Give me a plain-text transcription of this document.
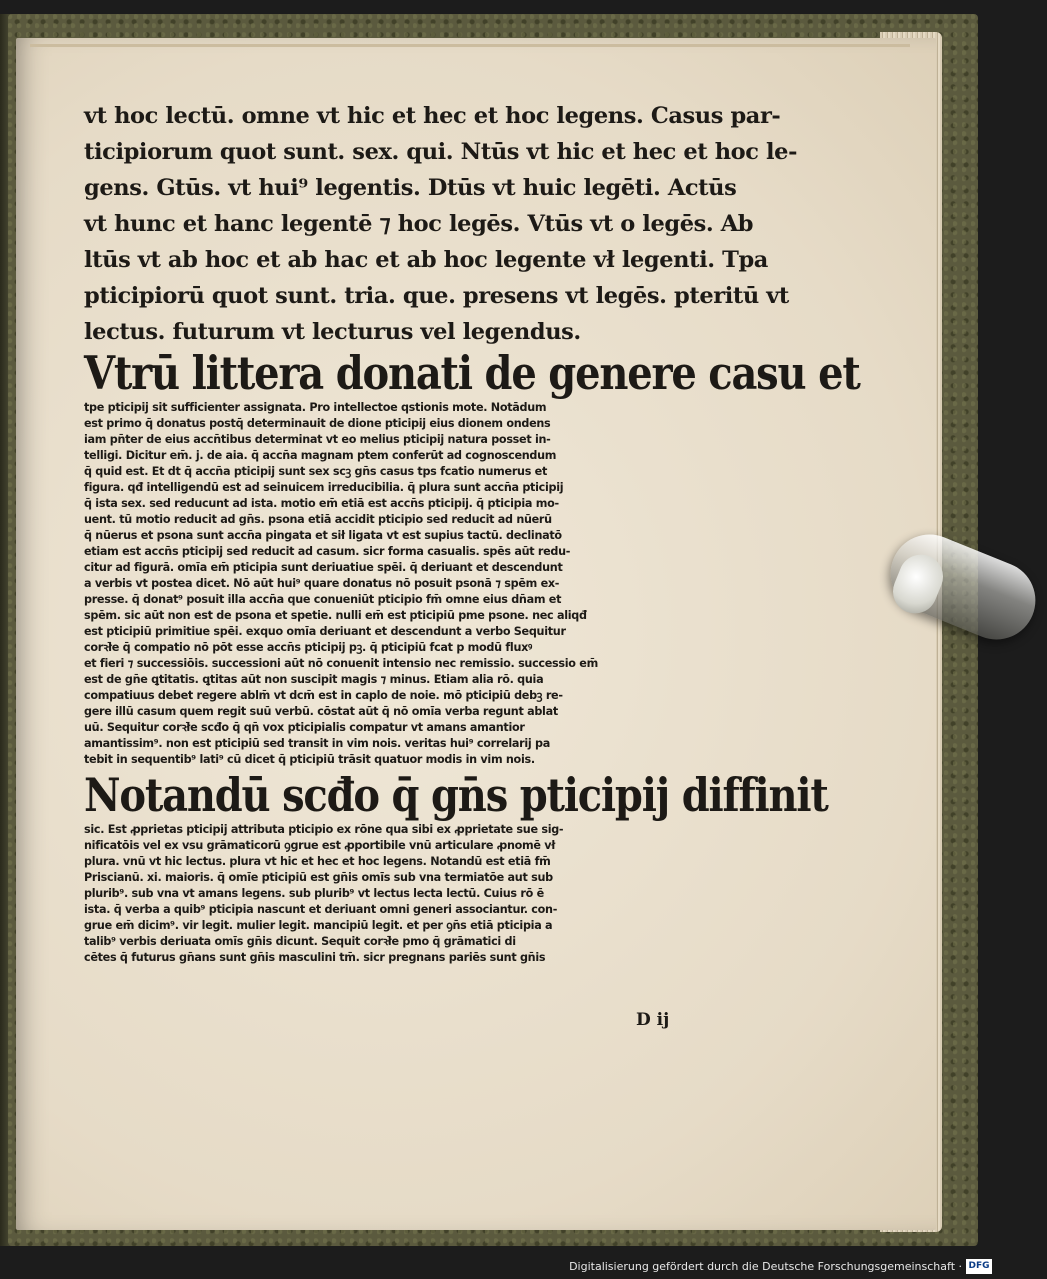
vt hoc lectū. omne vt hic et hec et hoc legens. Casus par-
ticipiorum quot sunt. sex. qui. Ntūs vt hic et hec et hoc le-
gens. Gtūs. vt hui⁹ legentis. Dtūs vt huic legēti. Actūs
vt hunc et hanc legentē ⁊ hoc legēs. Vtūs vt o legēs. Ab
ltūs vt ab hoc et ab hac et ab hoc legente vł legenti. Tpa
pticipiorū quot sunt. tria. que. presens vt legēs. pteritū vt
lectus. futurum vt lecturus vel legendus.
Vtrū littera donati de genere casu et
tpe pticipij sit sufficienter assignata. Pro intellectoe qstionis mote. Notādum
est primo q̄ donatus postq̄ determinauit de dione pticipij eius dionem ondens
iam pn̄ter de eius accn̄tibus determinat vt eo melius pticipij natura posset in-
telligi. Dicitur em̄. j. de aia. q̄ accn̄a magnam ptem conferūt ad cognoscendum
q̄ quid est. Et dt q̄ accn̄a pticipij sunt sex scꝫ gn̄s casus tps fcatio numerus et
figura. qđ intelligendū est ad seinuicem irreducibilia. q̄ plura sunt accn̄a pticipij
q̄ ista sex. sed reducunt ad ista. motio em̄ etiā est accn̄s pticipij. q̄ pticipia mo-
uent. tū motio reducit ad gn̄s. psona etiā accidit pticipio sed reducit ad nūerū
q̄ nūerus et psona sunt accn̄a pingata et sił ligata vt est supius tactū. declinatō
etiam est accn̄s pticipij sed reducit ad casum. sicr forma casualis. spēs aūt redu-
citur ad figurā. omīa em̄ pticipia sunt deriuatiue spēi. q̄ deriuant et descendunt
a verbis vt postea dicet. Nō aūt hui⁹ quare donatus nō posuit psonā ⁊ spēm ex-
presse. q̄ donat⁹ posuit illa accn̄a que conueniūt pticipio fm̄ omne eius dn̄am et
spēm. sic aūt non est de psona et spetie. nulli em̄ est pticipiū pme psone. nec aliqđ
est pticipiū primitiue spēi. exquo omīa deriuant et descendunt a verbo Sequitur
corꝛł̄e q̄ compatio nō pōt esse accn̄s pticipij pꝫ. q̄ pticipiū fcat p modū fluxꝰ
et fieri ⁊ successiōis. successioni aūt nō conuenit intensio nec remissio. successio em̄
est de gn̄e ꝗtitatis. ꝗtitas aūt non suscipit magis ⁊ minus. Etiam alia rō. quia
compatiuus debet regere ablm̄ vt dcm̄ est in caplo de noie. mō pticipiū debꝫ re-
gere illū casum quem regit suū verbū. cōstat aūt q̄ nō omīa verba regunt ablat
uū. Sequitur corꝛł̄e scđo q̄ qn̄ vox pticipialis compatur vt amans amantior
amantissim⁹. non est pticipiū sed transit in vim nois. veritas hui⁹ correlarij pa
tebit in sequentib⁹ lati⁹ cū dicet q̄ pticipiū trāsit quatuor modis in vim nois.
Notandū scđo q̄ gn̄s pticipij diffinit
sic. Est ꝓprietas pticipij attributa pticipio ex rōne qua sibi ex ꝓprietate sue sig-
nificatōis vel ex vsu grāmaticorū ꝯgrue est ꝓportibile vnū articulare ꝓnomē vł
plura. vnū vt hic lectus. plura vt hic et hec et hoc legens. Notandū est etiā fm̄
Priscianū. xi. maioris. q̄ omīe pticipiū est gn̄is omīs sub vna termiatōe aut sub
plurib⁹. sub vna vt amans legens. sub plurib⁹ vt lectus lecta lectū. Cuius rō ē
ista. q̄ verba a quib⁹ pticipia nascunt et deriuant omni generi associantur. con-
grue em̄ dicim⁹. vir legit. mulier legit. mancipiū legit. et per ꝯn̄s etiā pticipia a
talib⁹ verbis deriuata omīs gn̄is dicunt. Sequit corꝛł̄e pmo q̄ grāmatici di
cētes q̄ futurus gn̄ans sunt gn̄is masculini tm̄. sicr pregnans pariēs sunt gn̄is
D ij
Digitalisierung gefördert durch die Deutsche Forschungsgemeinschaft · DFG
